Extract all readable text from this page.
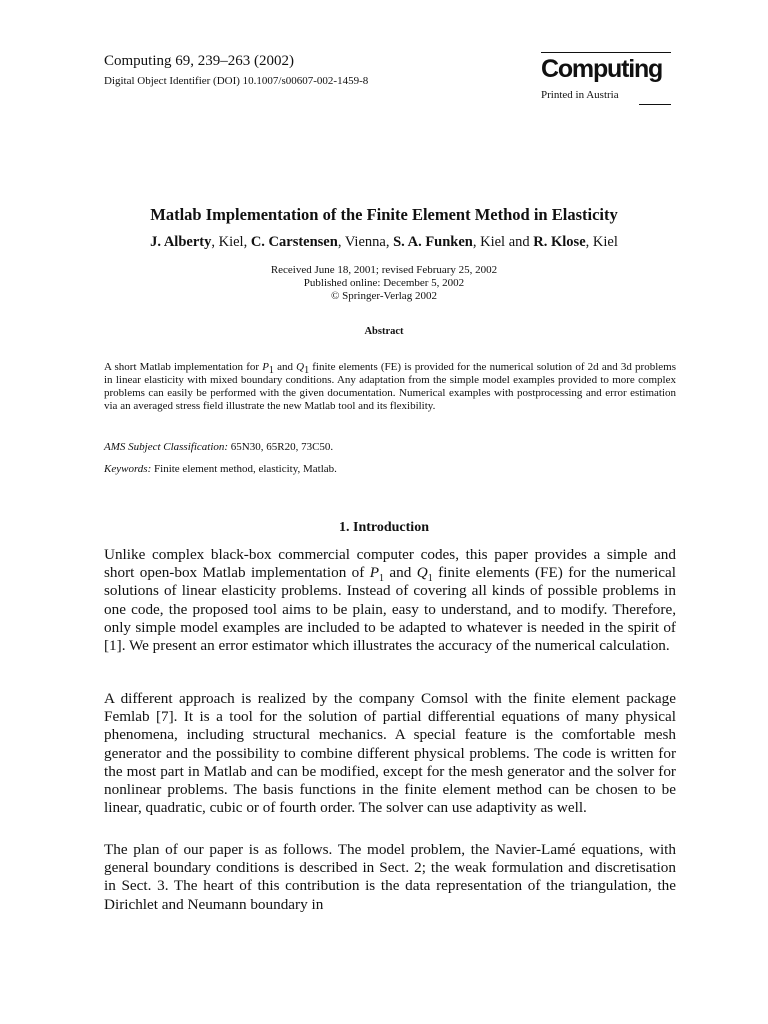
Computing 69, 239–263 (2002)
Digital Object Identifier (DOI) 10.1007/s00607-002-1459-8	Computing
Printed in Austria
Matlab Implementation of the Finite Element Method in Elasticity
J. Alberty, Kiel, C. Carstensen, Vienna, S. A. Funken, Kiel and R. Klose, Kiel
Received June 18, 2001; revised February 25, 2002
Published online: December 5, 2002
© Springer-Verlag 2002
Abstract
A short Matlab implementation for $P_1$ and $Q_1$ finite elements (FE) is provided for the numerical solution of 2d and 3d problems in linear elasticity with mixed boundary conditions. Any adaptation from the simple model examples provided to more complex problems can easily be performed with the given documentation. Numerical examples with postprocessing and error estimation via an averaged stress field illustrate the new Matlab tool and its flexibility.
AMS Subject Classification: 65N30, 65R20, 73C50.
Keywords: Finite element method, elasticity, Matlab.
1. Introduction
Unlike complex black-box commercial computer codes, this paper provides a simple and short open-box Matlab implementation of $P_1$ and $Q_1$ finite elements (FE) for the numerical solutions of linear elasticity problems. Instead of covering all kinds of possible problems in one code, the proposed tool aims to be plain, easy to understand, and to modify. Therefore, only simple model examples are included to be adapted to whatever is needed in the spirit of [1]. We present an error estimator which illustrates the accuracy of the numerical calculation.
A different approach is realized by the company Comsol with the finite element package Femlab [7]. It is a tool for the solution of partial differential equations of many physical phenomena, including structural mechanics. A special feature is the comfortable mesh generator and the possibility to combine different physical problems. The code is written for the most part in Matlab and can be modified, except for the mesh generator and the solver for nonlinear problems. The basis functions in the finite element method can be chosen to be linear, quadratic, cubic or of fourth order. The solver can use adaptivity as well.
The plan of our paper is as follows. The model problem, the Navier-Lamé equations, with general boundary conditions is described in Sect. 2; the weak formulation and discretisation in Sect. 3. The heart of this contribution is the data representation of the triangulation, the Dirichlet and Neumann boundary in
